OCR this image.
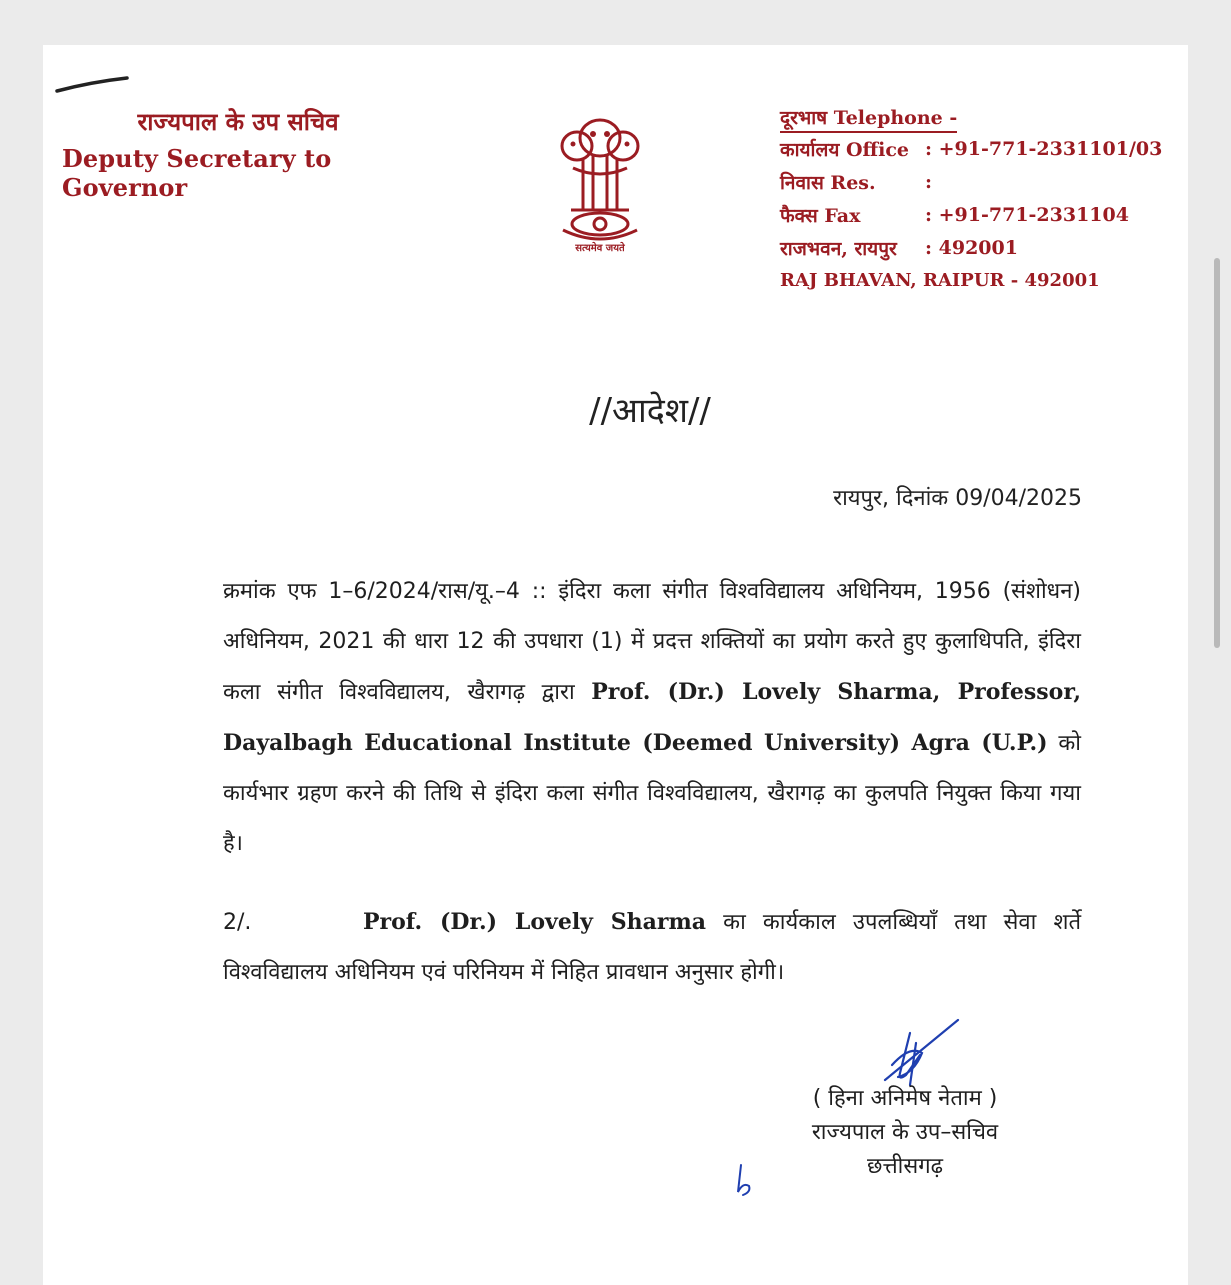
राज्यपाल के उप सचिव
Deputy Secretary to Governor
सत्यमेव जयते
दूरभाष Telephone -
कार्यालय Office : +91-771-2331101/03
निवास Res.	:
फैक्स Fax	: +91-771-2331104
राजभवन, रायपुर	: 492001
RAJ BHAVAN, RAIPUR - 492001
//आदेश//
रायपुर, दिनांक 09/04/2025
क्रमांक एफ 1–6/2024/रास/यू.–4 :: इंदिरा कला संगीत विश्वविद्यालय अधिनियम, 1956 (संशोधन) अधिनियम, 2021 की धारा 12 की उपधारा (1) में प्रदत्त शक्तियों का प्रयोग करते हुए कुलाधिपति, इंदिरा कला संगीत विश्वविद्यालय, खैरागढ़ द्वारा Prof. (Dr.) Lovely Sharma, Professor, Dayalbagh Educational Institute (Deemed University) Agra (U.P.) को कार्यभार ग्रहण करने की तिथि से इंदिरा कला संगीत विश्वविद्यालय, खैरागढ़ का कुलपति नियुक्त किया गया है।
2/.	Prof. (Dr.) Lovely Sharma का कार्यकाल उपलब्धियाँ तथा सेवा शर्ते विश्वविद्यालय अधिनियम एवं परिनियम में निहित प्रावधान अनुसार होगी।
( हिना अनिमेष नेताम )
राज्यपाल के उप–सचिव
छत्तीसगढ़
